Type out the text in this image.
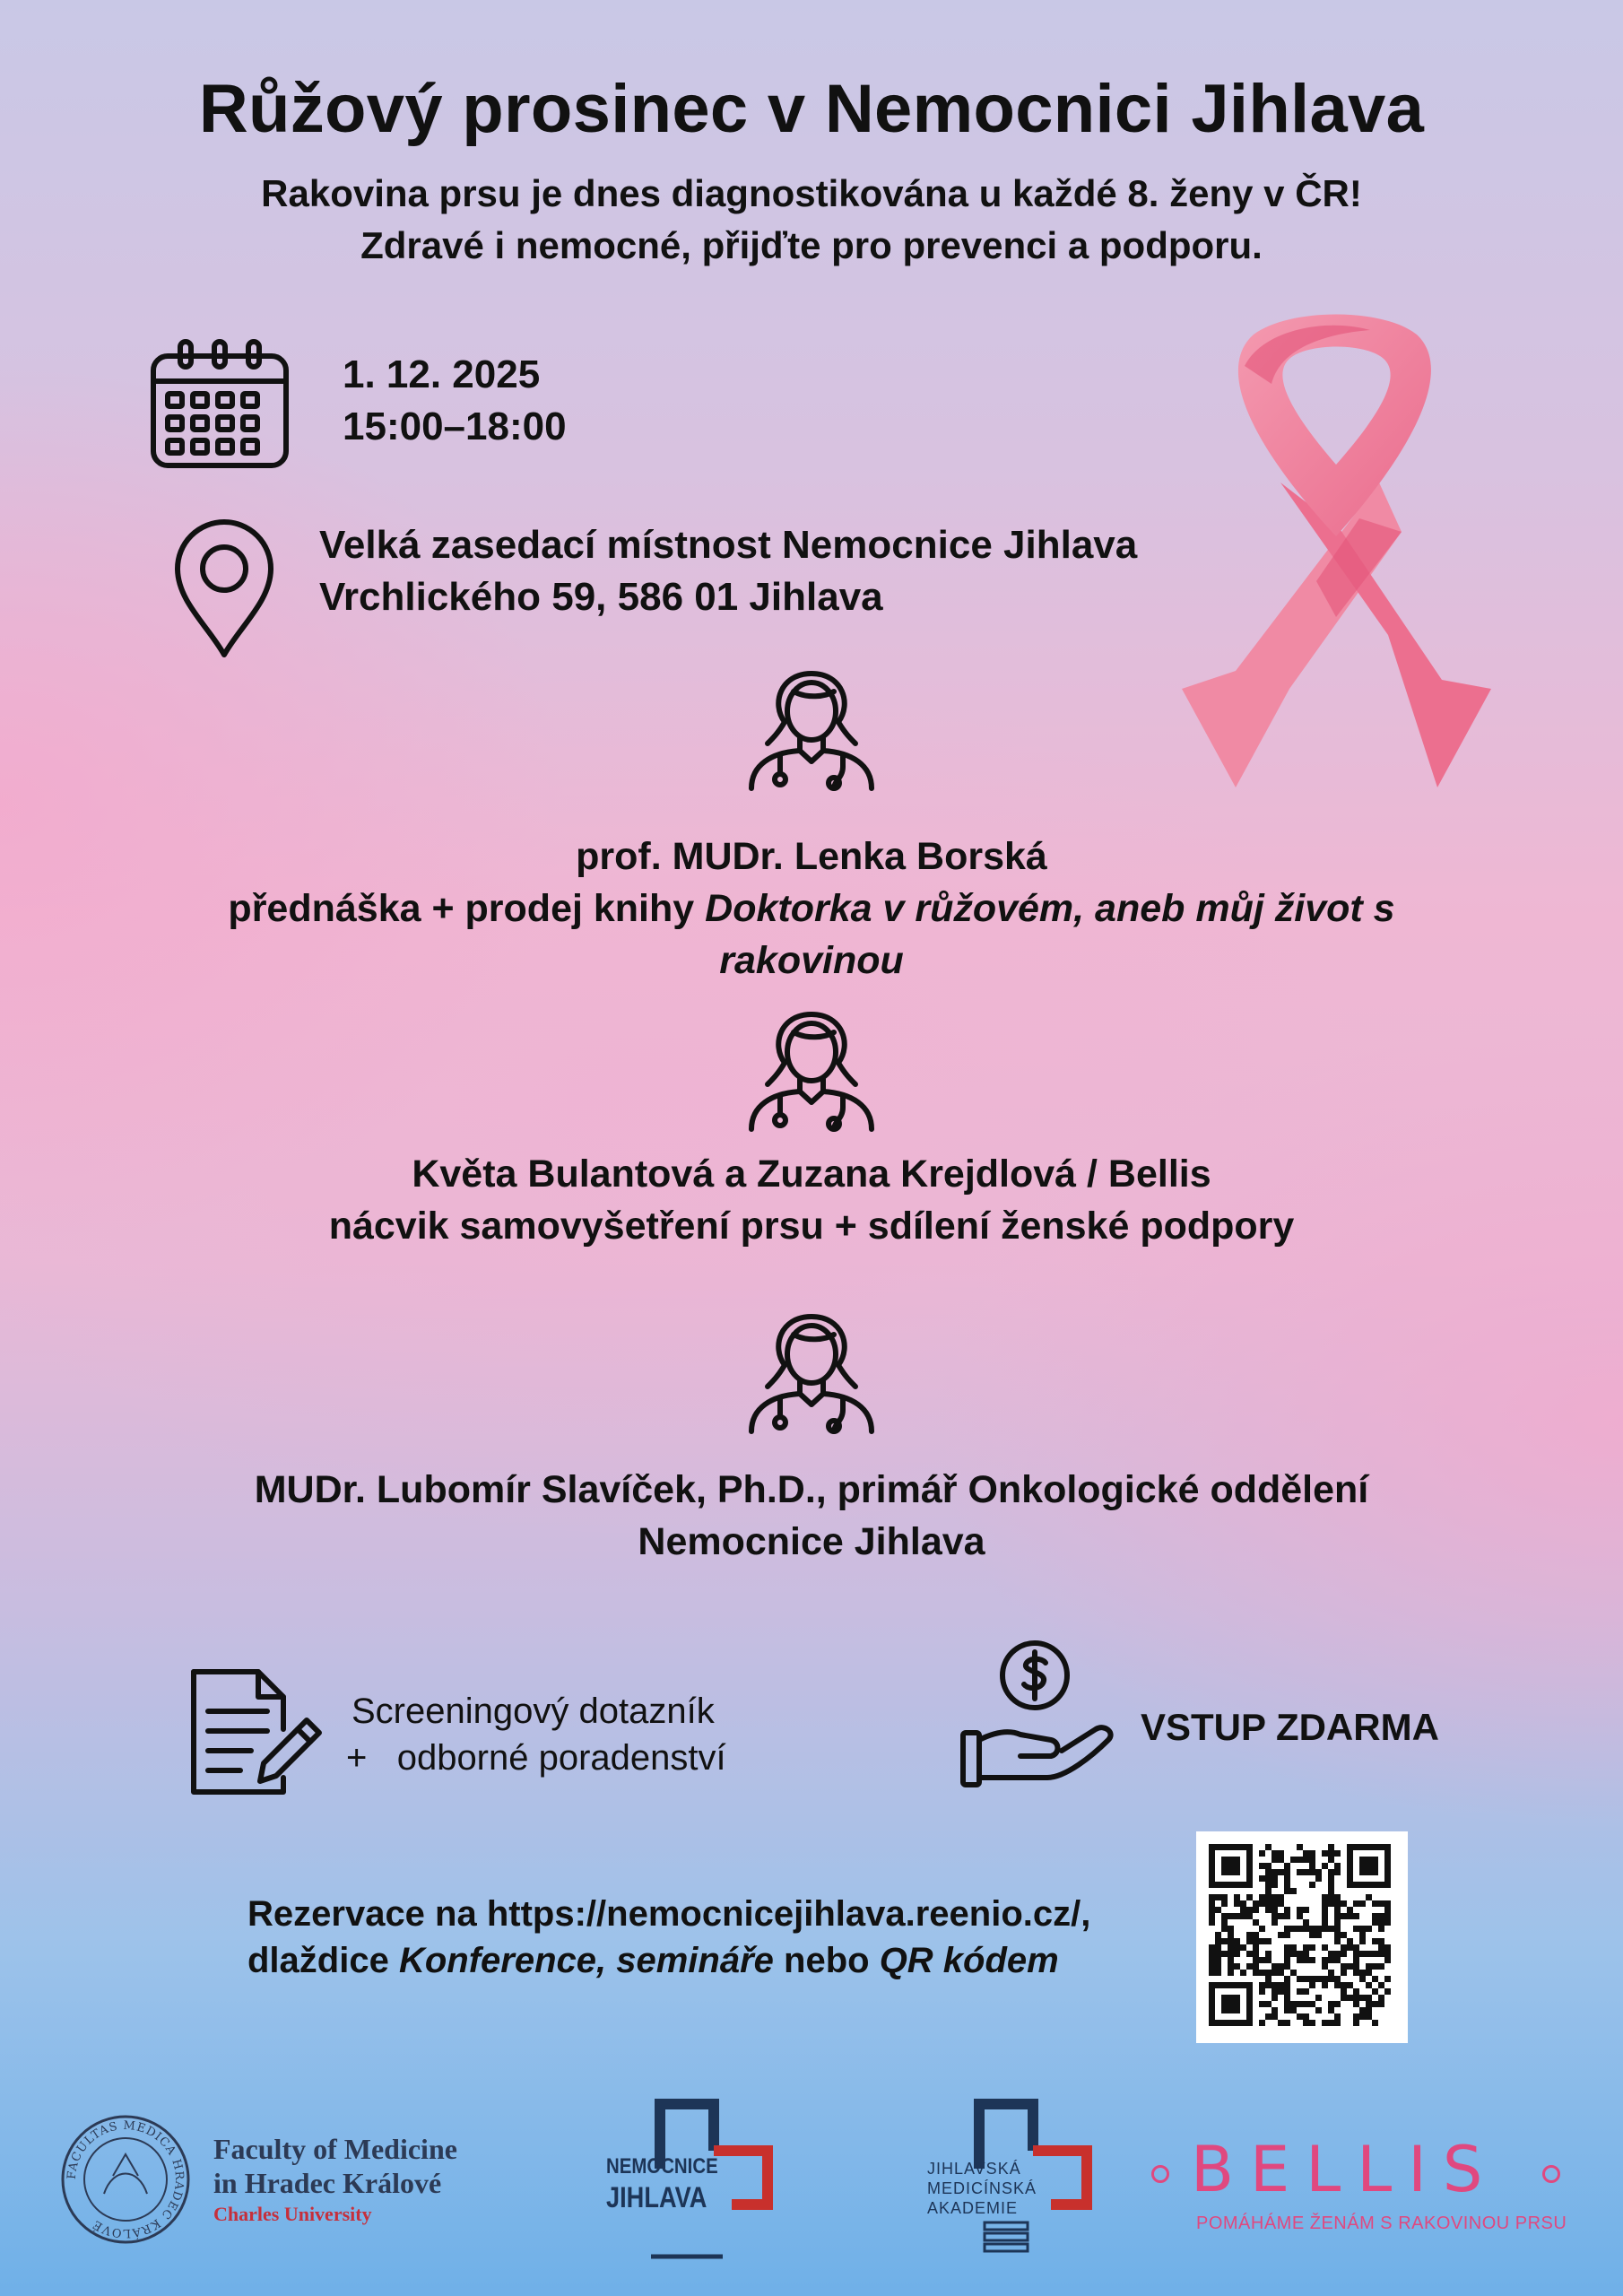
Růžový prosinec v Nemocnici Jihlava
Rakovina prsu je dnes diagnostikována u každé 8. ženy v ČR!
Zdravé i nemocné, přijďte pro prevenci a podporu.
1. 12. 2025
15:00–18:00
Velká zasedací místnost Nemocnice Jihlava
Vrchlického 59, 586 01 Jihlava
prof. MUDr. Lenka Borská
přednáška + prodej knihy Doktorka v růžovém, aneb můj život s
rakovinou
Květa Bulantová a Zuzana Krejdlová / Bellis
nácvik samovyšetření prsu + sdílení ženské podpory
MUDr. Lubomír Slavíček, Ph.D., primář Onkologické oddělení
Nemocnice Jihlava
Screeningový dotazník
+   odborné poradenství
VSTUP ZDARMA
Rezervace na https://nemocnicejihlava.reenio.cz/,
dlaždice Konference, semináře nebo QR kódem
FACULTAS MEDICA HRADEC KRÁLOVÉ
Faculty of Medicine
in Hradec Králové
Charles University
NEMOCNICE
JIHLAVA
JIHLAVSKÁ
MEDICÍNSKÁ
AKADEMIE
BELLIS
POMÁHÁME ŽENÁM S RAKOVINOU PRSU
